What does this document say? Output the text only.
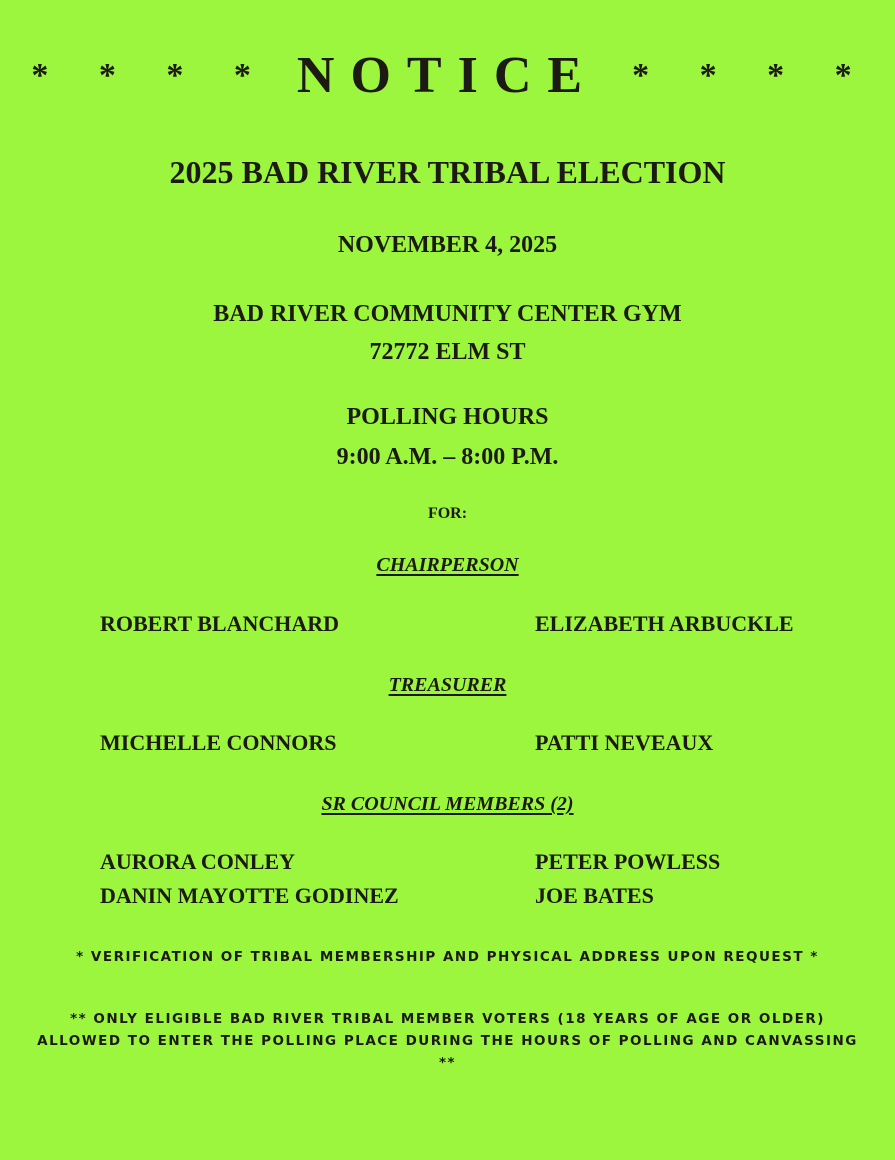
* * * * NOTICE * * * *
2025 BAD RIVER TRIBAL ELECTION
NOVEMBER 4, 2025
BAD RIVER COMMUNITY CENTER GYM
72772 ELM ST
POLLING HOURS
9:00 A.M. – 8:00 P.M.
FOR:
CHAIRPERSON
ROBERT BLANCHARD	ELIZABETH ARBUCKLE
TREASURER
MICHELLE CONNORS	PATTI NEVEAUX
SR COUNCIL MEMBERS (2)
AURORA CONLEY	PETER POWLESS
DANIN MAYOTTE GODINEZ	JOE BATES
* VERIFICATION OF TRIBAL MEMBERSHIP AND PHYSICAL ADDRESS UPON REQUEST *
** ONLY ELIGIBLE BAD RIVER TRIBAL MEMBER VOTERS (18 YEARS OF AGE OR OLDER) ALLOWED TO ENTER THE POLLING PLACE DURING THE HOURS OF POLLING AND CANVASSING **
